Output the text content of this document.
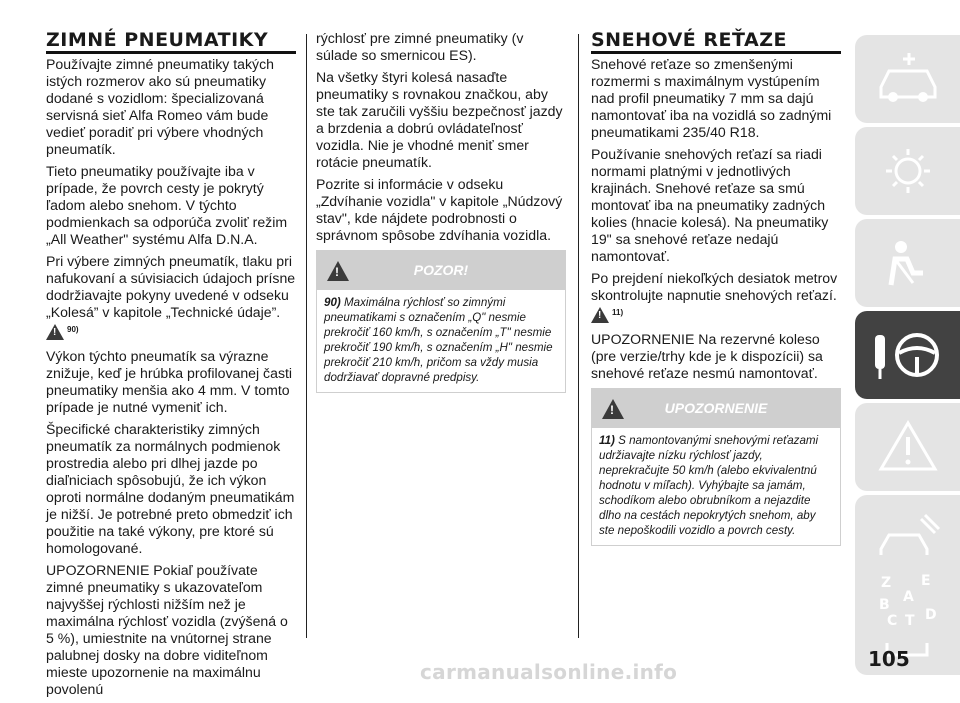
ZIMNÉ PNEUMATIKY

Používajte zimné pneumatiky takých istých rozmerov ako sú pneumatiky dodané s vozidlom: špecializovaná servisná sieť Alfa Romeo vám bude vedieť poradiť pri výbere vhodných pneumatík.

Tieto pneumatiky používajte iba v prípade, že povrch cesty je pokrytý ľadom alebo snehom. V týchto podmienkach sa odporúča zvoliť režim „All Weather" systému Alfa D.N.A.

Pri výbere zimných pneumatík, tlaku pri nafukovaní a súvisiacich údajoch prísne dodržiavajte pokyny uvedené v odseku „Kolesá” v kapitole „Technické údaje”.

! 90)

Výkon týchto pneumatík sa výrazne znižuje, keď je hrúbka profilovanej časti pneumatiky menšia ako 4 mm. V tomto prípade je nutné vymeniť ich.

Špecifické charakteristiky zimných pneumatík za normálnych podmienok prostredia alebo pri dlhej jazde po diaľniciach spôsobujú, že ich výkon oproti normálne dodaným pneumatikám je nižší. Je potrebné preto obmedziť ich použitie na také výkony, pre ktoré sú homologované.

UPOZORNENIE Pokiaľ používate zimné pneumatiky s ukazovateľom najvyššej rýchlosti nižším než je maximálna rýchlosť vozidla (zvýšená o 5 %), umiestnite na vnútornej strane palubnej dosky na dobre viditeľnom mieste upozornenie na maximálnu povolenú

rýchlosť pre zimné pneumatiky (v súlade so smernicou ES).

Na všetky štyri kolesá nasaďte pneumatiky s rovnakou značkou, aby ste tak zaručili vyššiu bezpečnosť jazdy a brzdenia a dobrú ovládateľnosť vozidla. Nie je vhodné meniť smer rotácie pneumatík.

Pozrite si informácie v odseku „Zdvíhanie vozidla" v kapitole „Núdzový stav", kde nájdete podrobnosti o správnom spôsobe zdvíhania vozidla.

!	POZOR!
90) Maximálna rýchlosť so zimnými pneumatikami s označením „Q" nesmie prekročiť 160 km/h, s označením „T" nesmie prekročiť 190 km/h, s označením „H" nesmie prekročiť 210 km/h, pričom sa vždy musia dodržiavať dopravné predpisy.
SNEHOVÉ REŤAZE

Snehové reťaze so zmenšenými rozmermi s maximálnym vystúpením nad profil pneumatiky 7 mm sa dajú namontovať iba na vozidlá so zadnými pneumatikami 235/40 R18.

Používanie snehových reťazí sa riadi normami platnými v jednotlivých krajinách. Snehové reťaze sa smú montovať iba na pneumatiky zadných kolies (hnacie kolesá). Na pneumatiky 19" sa snehové reťaze nedajú namontovať.

Po prejdení niekoľkých desiatok metrov skontrolujte napnutie snehových reťazí.

! 11)

UPOZORNENIE Na rezervné koleso (pre verzie/trhy kde je k dispozícii) sa snehové reťaze nesmú namontovať.

!	UPOZORNENIE
11) S namontovanými snehovými reťazami udržiavajte nízku rýchlosť jazdy, neprekračujte 50 km/h (alebo ekvivalentnú hodnotu v míľach). Vyhýbajte sa jamám, schodíkom alebo obrubníkom a nejazdite dlho na cestách nepokrytých snehom, aby ste nepoškodili vozidlo a povrch cesty.
Z E
A
B
C T D
105
carmanualsonline.info
